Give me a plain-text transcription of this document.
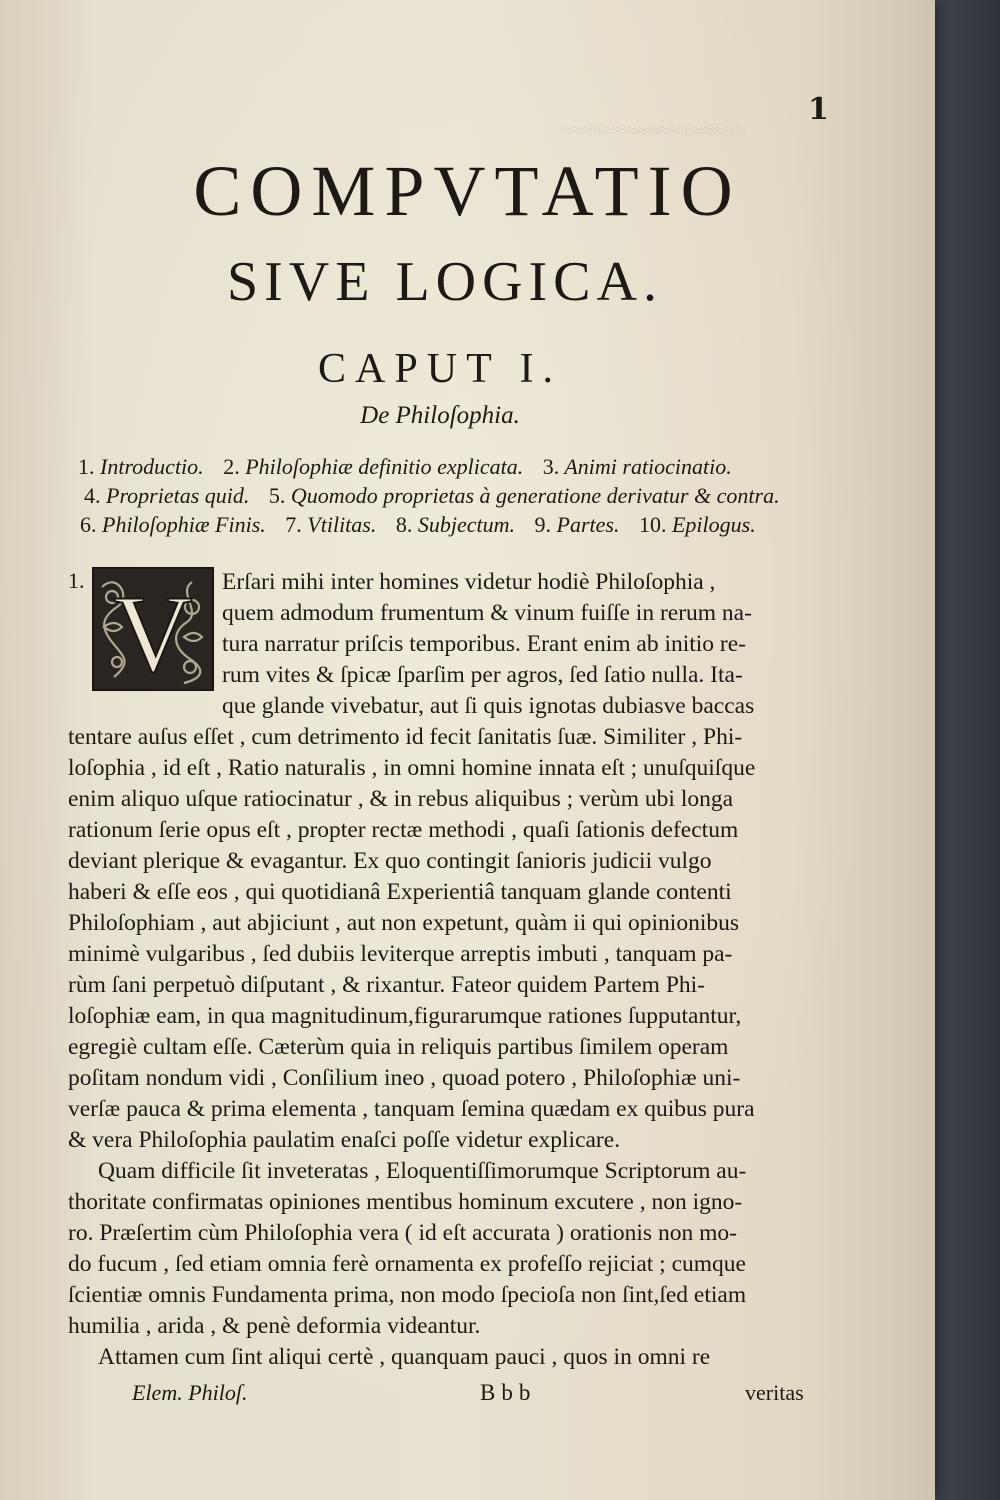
≈≈≈≈≈≈≈≈≈≈≈≈≈≈≈≈≈
1
COMPVTATIO
SIVE LOGICA.
CAPUT I.
De Philoſophia.
1. Introductio. 2. Philoſophiæ definitio explicata. 3. Animi ratiocinatio.
4. Proprietas quid. 5. Quomodo proprietas à generatione derivatur & contra.
6. Philoſophiæ Finis. 7. Vtilitas. 8. Subjectum. 9. Partes. 10. Epilogus.
1. V Erſari mihi inter homines videtur hodiè Philoſophia ,
quem admodum frumentum & vinum fuiſſe in rerum na-
tura narratur priſcis temporibus. Erant enim ab initio re-
rum vites & ſpicæ ſparſim per agros, ſed ſatio nulla. Ita-
que glande vivebatur, aut ſi quis ignotas dubiasve baccas
tentare auſus eſſet , cum detrimento id fecit ſanitatis ſuæ. Similiter , Phi-
loſophia , id eſt , Ratio naturalis , in omni homine innata eſt ; unuſquiſque
enim aliquo uſque ratiocinatur , & in rebus aliquibus ; verùm ubi longa
rationum ſerie opus eſt , propter rectæ methodi , quaſi ſationis defectum
deviant plerique & evagantur. Ex quo contingit ſanioris judicii vulgo
haberi & eſſe eos , qui quotidianâ Experientiâ tanquam glande contenti
Philoſophiam , aut abjiciunt , aut non expetunt, quàm ii qui opinionibus
minimè vulgaribus , ſed dubiis leviterque arreptis imbuti , tanquam pa-
rùm ſani perpetuò diſputant , & rixantur. Fateor quidem Partem Phi-
loſophiæ eam, in qua magnitudinum,figurarumque rationes ſupputantur,
egregiè cultam eſſe. Cæterùm quia in reliquis partibus ſimilem operam
poſitam nondum vidi , Conſilium ineo , quoad potero , Philoſophiæ uni-
verſæ pauca & prima elementa , tanquam ſemina quædam ex quibus pura
& vera Philoſophia paulatim enaſci poſſe videtur explicare.
Quam difficile ſit inveteratas , Eloquentiſſimorumque Scriptorum au-
thoritate confirmatas opiniones mentibus hominum excutere , non igno-
ro. Præſertim cùm Philoſophia vera ( id eſt accurata ) orationis non mo-
do fucum , ſed etiam omnia ferè ornamenta ex profeſſo rejiciat ; cumque
ſcientiæ omnis Fundamenta prima, non modo ſpecioſa non ſint,ſed etiam
humilia , arida , & penè deformia videantur.
Attamen cum ſint aliqui certè , quanquam pauci , quos in omni re
Elem. Philoſ.	Bbb	veritas
